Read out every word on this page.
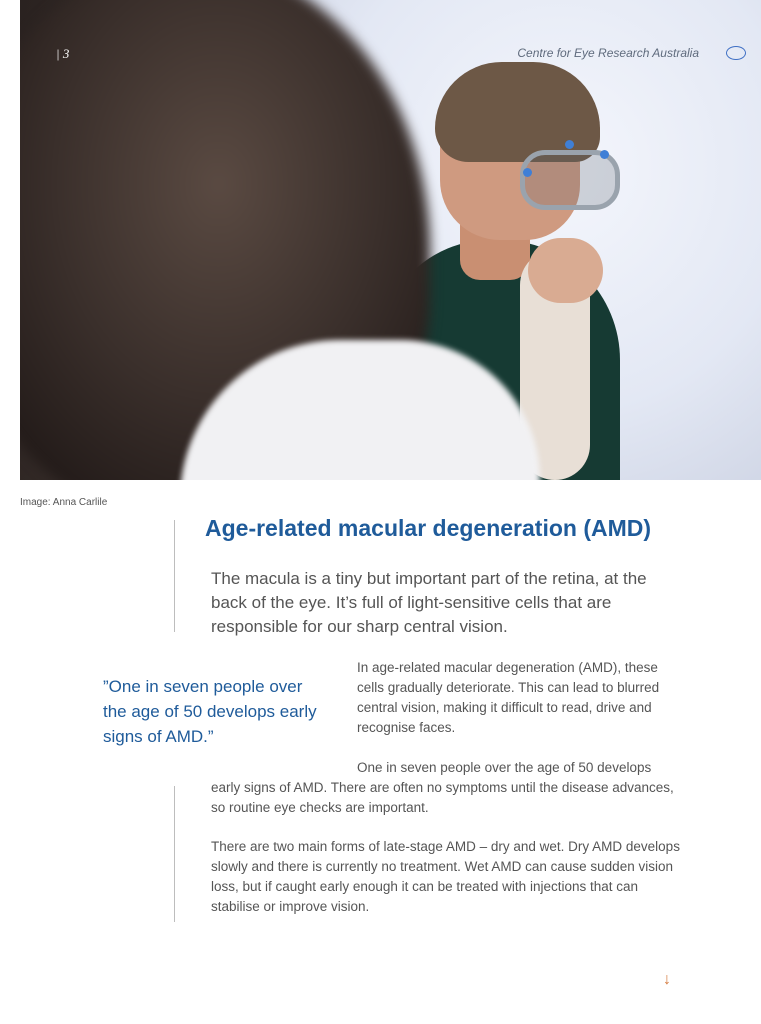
| 3	Centre for Eye Research Australia
Image: Anna Carlile
Age-related macular degeneration (AMD)

The macula is a tiny but important part of the retina, at the back of the eye. It’s full of light-sensitive cells that are responsible for our sharp central vision.

”One in seven people over
the age of 50 develops early
signs of AMD.”

In age-related macular degeneration (AMD), these cells gradually deteriorate. This can lead to blurred central vision, making it difficult to read, drive and recognise faces.

One in seven people over the age of 50 develops
early signs of AMD. There are often no symptoms until the disease advances, so routine eye checks are important.

There are two main forms of late-stage AMD – dry and wet. Dry AMD develops slowly and there is currently no treatment. Wet AMD can cause sudden vision loss, but if caught early enough it can be treated with injections that can stabilise or improve vision.

↓
